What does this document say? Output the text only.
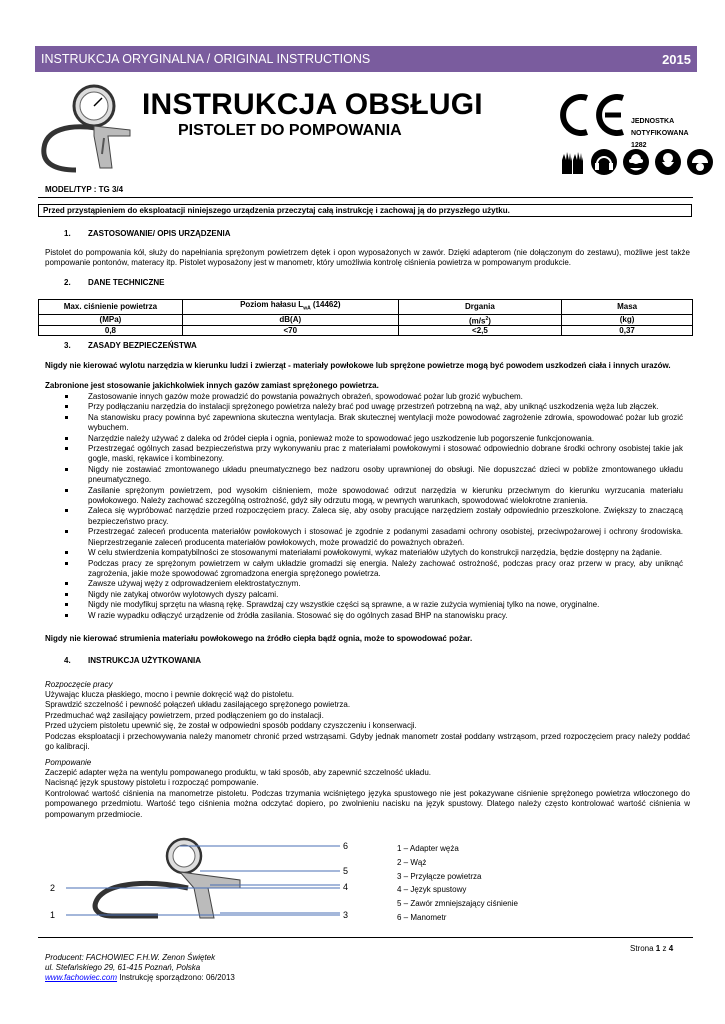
INSTRUKCJA ORYGINALNA / ORIGINAL INSTRUCTIONS	2015
INSTRUKCJA OBSŁUGI
PISTOLET DO POMPOWANIA
JEDNOSTKA
NOTYFIKOWANA
1282
MODEL/TYP : TG 3/4
Przed przystąpieniem do eksploatacji niniejszego urządzenia przeczytaj całą instrukcję i zachowaj ją do przyszłego użytku.
1. ZASTOSOWANIE/ OPIS URZĄDZENIA
Pistolet do pompowania kół, służy do napełniania sprężonym powietrzem dętek i opon wyposażonych w zawór. Dzięki adapterom (nie dołączonym do zestawu), możliwe jest także pompowanie pontonów, materacy itp. Pistolet wyposażony jest w manometr, który umożliwia kontrolę ciśnienia powietrza w pompowanym produkcie.
2. DANE TECHNICZNE
Max. ciśnienie powietrza	Poziom hałasu $L_{wA}$ (14462)	Drgania	Masa
(MPa)	dB(A)	$(m/s^2)$	(kg)
0,8	<70	<2,5	0,37
3. ZASADY BEZPIECZEŃSTWA
Nigdy nie kierować wylotu narzędzia w kierunku ludzi i zwierząt - materiały powłokowe lub sprężone powietrze mogą być powodem uszkodzeń ciała i innych urazów.
Zabronione jest stosowanie jakichkolwiek innych gazów zamiast sprężonego powietrza.
Zastosowanie innych gazów może prowadzić do powstania poważnych obrażeń, spowodować pożar lub grozić wybuchem.
Przy podłączaniu narzędzia do instalacji sprężonego powietrza należy brać pod uwagę przestrzeń potrzebną na wąż, aby uniknąć uszkodzenia węża lub złączek.
Na stanowisku pracy powinna być zapewniona skuteczna wentylacja. Brak skutecznej wentylacji może powodować zagrożenie zdrowia, spowodować pożar lub grozić wybuchem.
Narzędzie należy używać z daleka od źródeł ciepła i ognia, ponieważ może to spowodować jego uszkodzenie lub pogorszenie funkcjonowania.
Przestrzegać ogólnych zasad bezpieczeństwa przy wykonywaniu prac z materiałami powłokowymi i stosować odpowiednio dobrane środki ochrony osobistej takie jak gogle, maski, rękawice i kombinezony.
Nigdy nie zostawiać zmontowanego układu pneumatycznego bez nadzoru osoby uprawnionej do obsługi. Nie dopuszczać dzieci w pobliże zmontowanego układu pneumatycznego.
Zasilanie sprężonym powietrzem, pod wysokim ciśnieniem, może spowodować odrzut narzędzia w kierunku przeciwnym do kierunku wyrzucania materiału powłokowego. Należy zachować szczególną ostrożność, gdyż siły odrzutu mogą, w pewnych warunkach, spowodować wielokrotne zranienia.
Zaleca się wypróbować narzędzie przed rozpoczęciem pracy. Zaleca się, aby osoby pracujące narzędziem zostały odpowiednio przeszkolone. Zwiększy to znaczącą bezpieczeństwo pracy.
Przestrzegać zaleceń producenta materiałów powłokowych i stosować je zgodnie z podanymi zasadami ochrony osobistej, przeciwpożarowej i ochrony środowiska. Nieprzestrzeganie zaleceń producenta materiałów powłokowych, może prowadzić do poważnych obrażeń.
W celu stwierdzenia kompatybilności ze stosowanymi materiałami powłokowymi, wykaz materiałów użytych do konstrukcji narzędzia, będzie dostępny na żądanie.
Podczas pracy ze sprężonym powietrzem w całym układzie gromadzi się energia. Należy zachować ostrożność, podczas pracy oraz przerw w pracy, aby uniknąć zagrożenia, jakie może spowodować zgromadzona energia sprężonego powietrza.
Zawsze używaj węży z odprowadzeniem elektrostatycznym.
Nigdy nie zatykaj otworów wylotowych dyszy palcami.
Nigdy nie modyfikuj sprzętu na własną rękę. Sprawdzaj czy wszystkie części są sprawne, a w razie zużycia wymieniaj tylko na nowe, oryginalne.
W razie wypadku odłączyć urządzenie od źródła zasilania. Stosować się do ogólnych zasad BHP na stanowisku pracy.
Nigdy nie kierować strumienia materiału powłokowego na źródło ciepła bądź ognia, może to spowodować pożar.
4. INSTRUKCJA UŻYTKOWANIA
Rozpoczęcie pracy
Używając klucza płaskiego, mocno i pewnie dokręcić wąż do pistoletu.
Sprawdzić szczelność i pewność połączeń układu zasilającego sprężonego powietrza.
Przedmuchać wąż zasilający powietrzem, przed podłączeniem go do instalacji.
Przed użyciem pistoletu upewnić się, że został w odpowiedni sposób poddany czyszczeniu i konserwacji.
Podczas eksploatacji i przechowywania należy manometr chronić przed wstrząsami. Gdyby jednak manometr został poddany wstrząsom, przed rozpoczęciem pracy należy poddać go kalibracji.
Pompowanie
Zaczepić adapter węża na wentylu pompowanego produktu, w taki sposób, aby zapewnić szczelność układu.
Nacisnąć język spustowy pistoletu i rozpocząć pompowanie.
Kontrolować wartość ciśnienia na manometrze pistoletu. Podczas trzymania wciśniętego języka spustowego nie jest pokazywane ciśnienie sprężonego powietrza wtłoczonego do pompowanego przedmiotu. Wartość tego ciśnienia można odczytać dopiero, po zwolnieniu nacisku na język spustowy. Dlatego należy często kontrolować wartość ciśnienia w pompowanym przedmiocie.
6
5
4
3
2
1
1 – Adapter węża
2 – Wąż
3 – Przyłącze powietrza
4 – Język spustowy
5 – Zawór zmniejszający ciśnienie
6 – Manometr
Strona 1 z 4
Producent: FACHOWIEC F.H.W. Zenon Świętek
ul. Stefańskiego 29, 61-415 Poznań, Polska
www.fachowiec.com Instrukcję sporządzono: 06/2013
